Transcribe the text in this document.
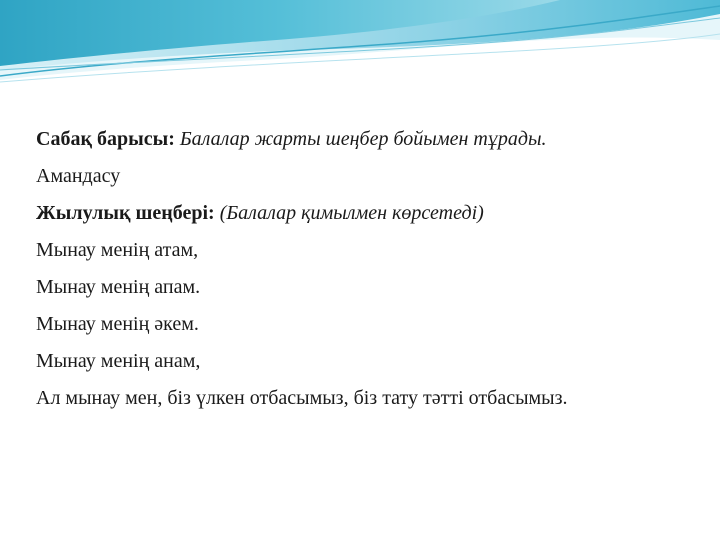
Сабақ барысы: Балалар жарты шеңбер бойымен тұрады.
Амандасу
Жылулық шеңбері: (Балалар қимылмен көрсетеді)
Мынау менің атам,
Мынау менің апам.
Мынау менің әкем.
Мынау менің анам,
Ал мынау мен, біз үлкен отбасымыз, біз тату тәтті отбасымыз.
